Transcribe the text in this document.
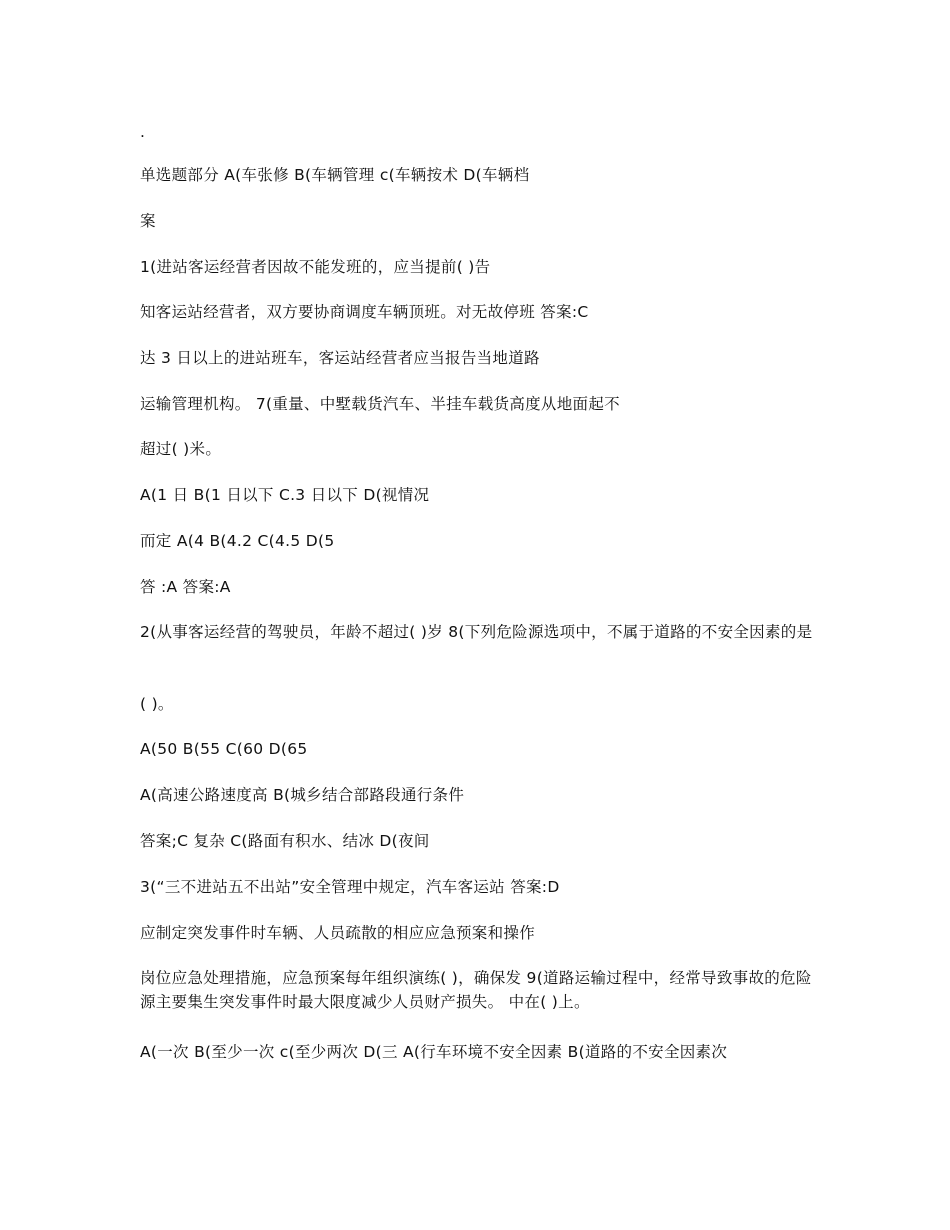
.
单选题部分 A(车张修 B(车辆管理 c(车辆按术 D(车辆档
案
1(进站客运经营者因故不能发班的，应当提前( )告
知客运站经营者，双方要协商调度车辆顶班。对无故停班 答案:C
达 3 日以上的进站班车，客运站经营者应当报告当地道路
运输管理机构。 7(重量、中墅载货汽车、半挂车载货高度从地面起不
超过( )米。
A(1 日 B(1 日以下 C.3 日以下 D(视情况
而定 A(4 B(4.2 C(4.5 D(5
答 :A 答案:A
2(从事客运经营的驾驶员，年龄不超过( )岁 8(下列危险源选项中，不属于道路的不安全因素的是
( )。
A(50 B(55 C(60 D(65
A(高速公路速度高 B(城乡结合部路段通行条件
答案;C 复杂 C(路面有积水、结冰 D(夜间
3(“三不进站五不出站”安全管理中规定，汽车客运站 答案:D
应制定突发事件时车辆、人员疏散的相应应急预案和操作
岗位应急处理措施，应急预案每年组织演练( )，确保发 9(道路运输过程中，经常导致事故的危险源主要集生突发事件时最大限度减少人员财产损失。 中在( )上。
A(一次 B(至少一次 c(至少两次 D(三 A(行车环境不安全因素 B(道路的不安全因素次
